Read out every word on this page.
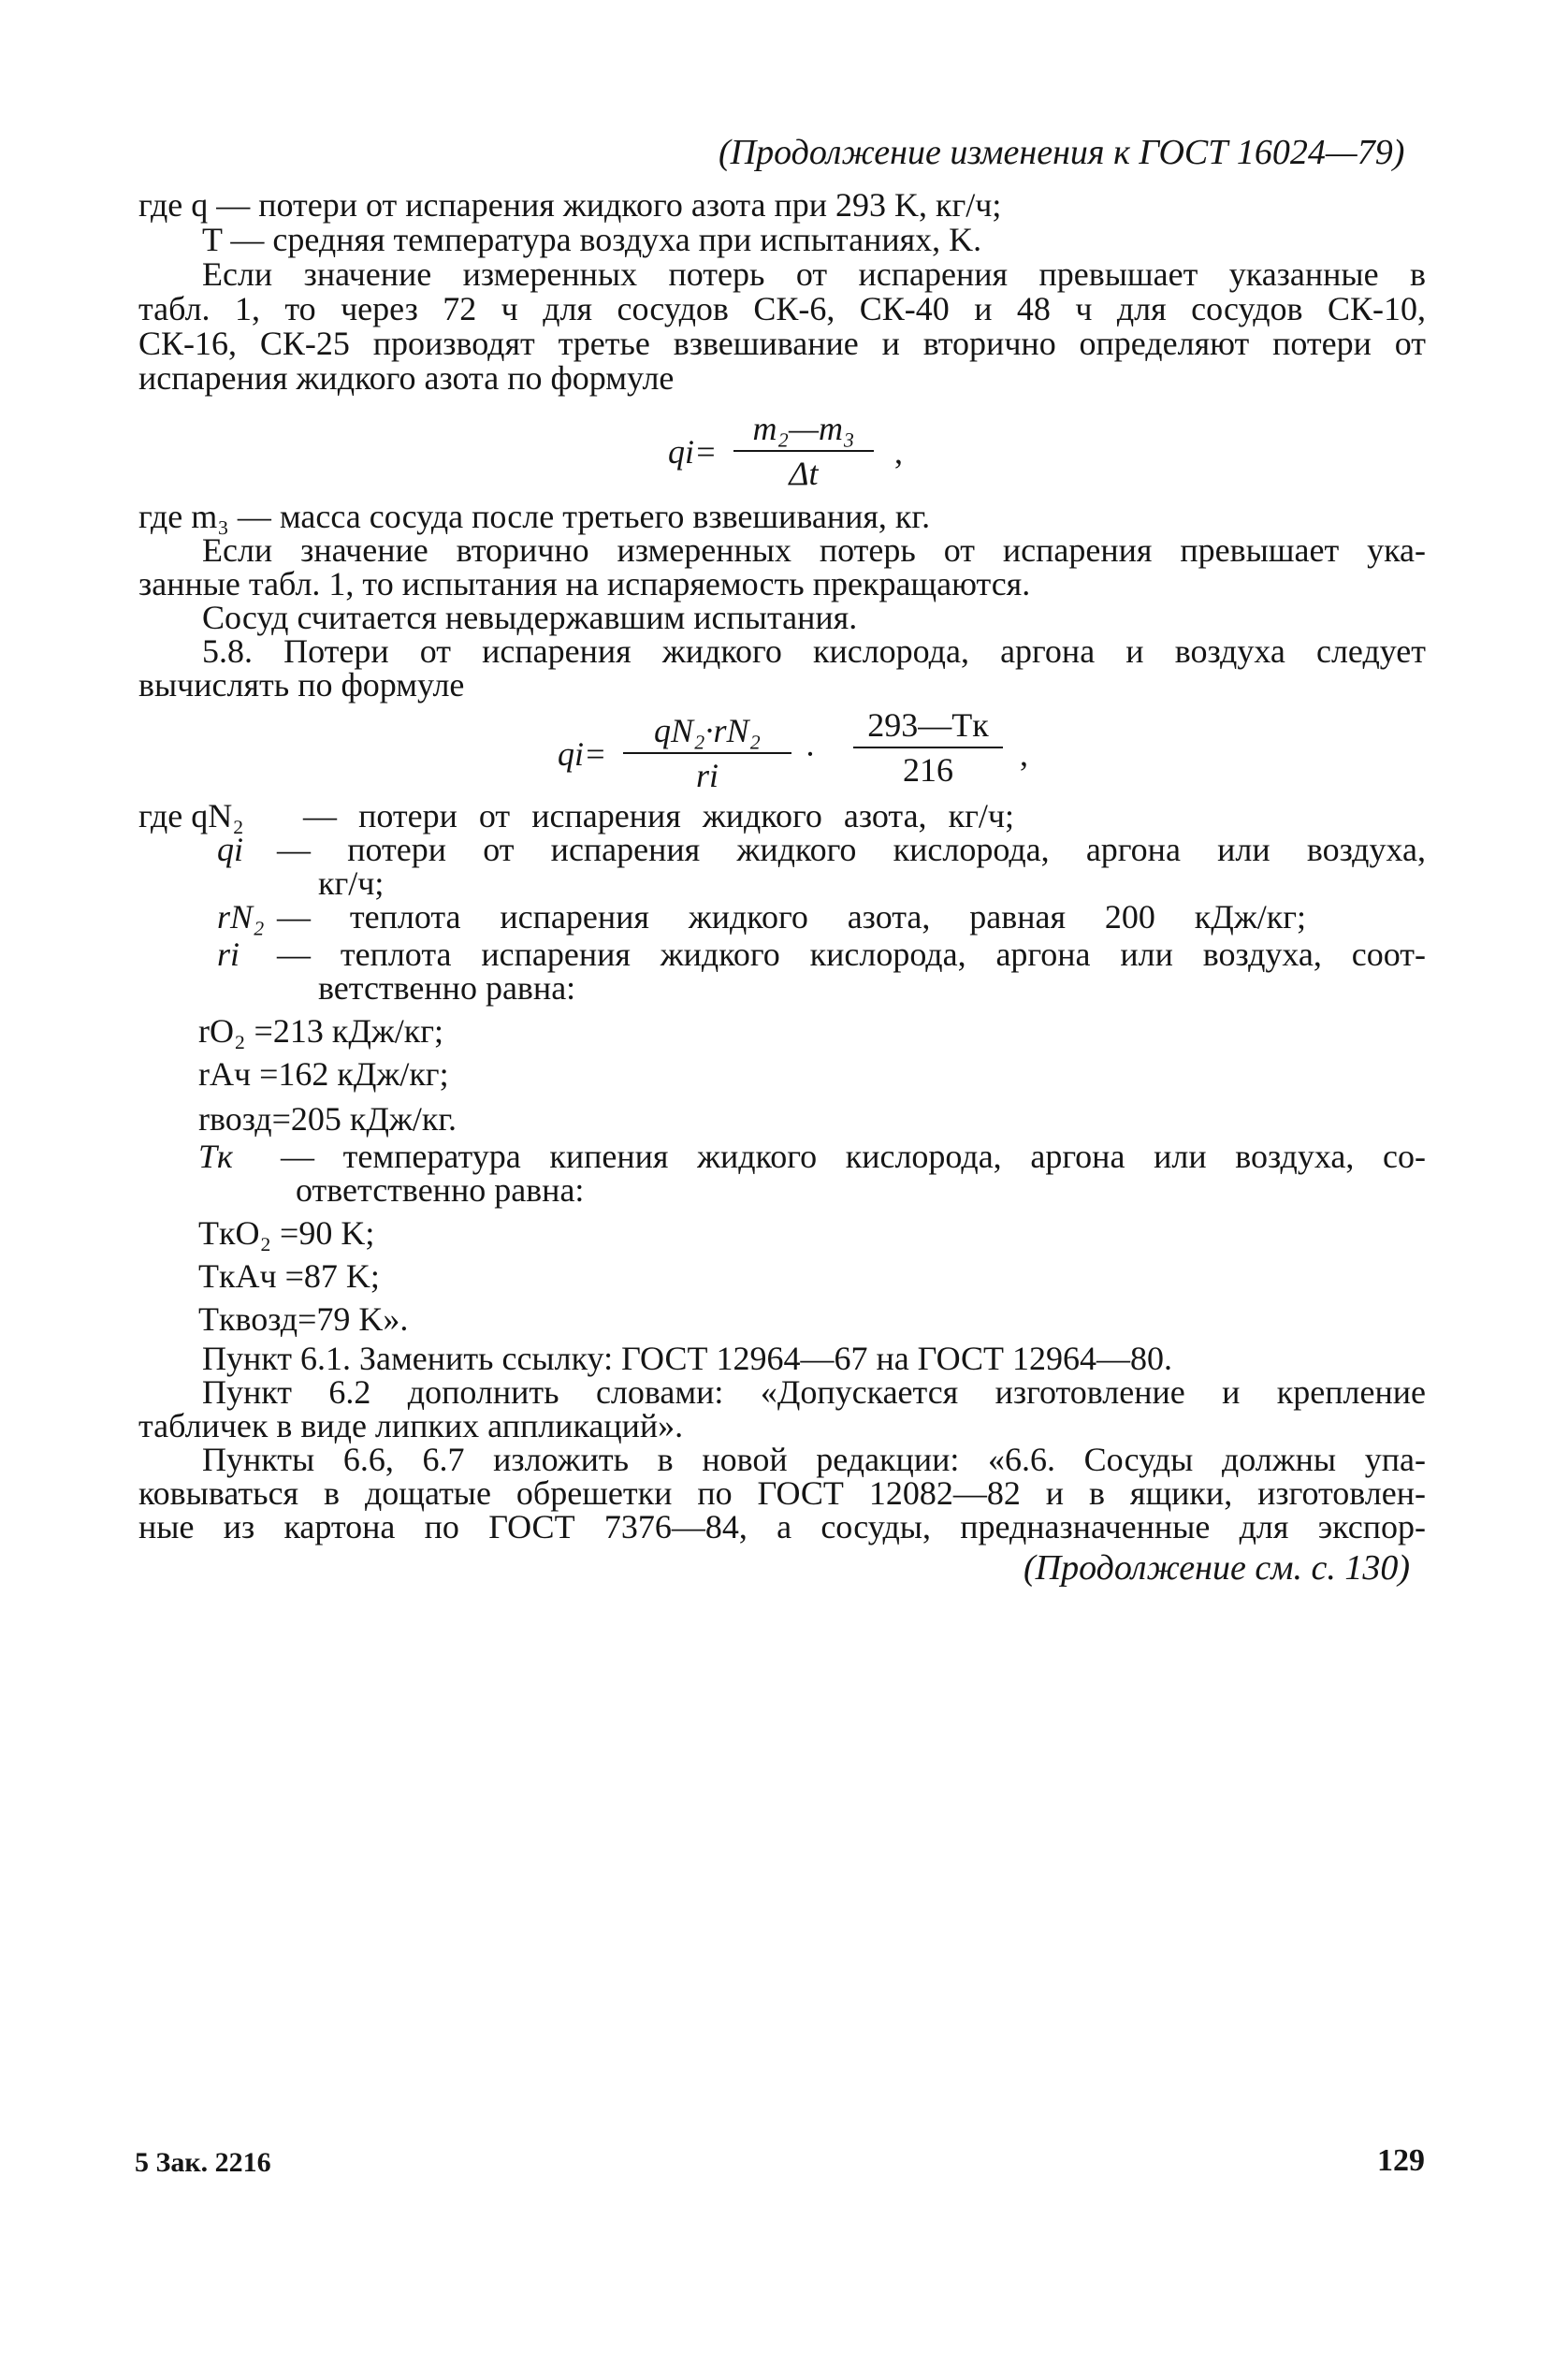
(Продолжение изменения к ГОСТ 16024—79)
где q — потери от испарения жидкого азота при 293 K, кг/ч;
T — средняя температура воздуха при испытаниях, K.
Если значение измеренных потерь от испарения превышает указанные в
табл. 1, то через 72 ч для сосудов СК-6, СК-40 и 48 ч для сосудов СК-10,
СК-16, СК-25 производят третье взвешивание и вторично определяют потери от
испарения жидкого азота по формуле
qi=
m₂—m₃
Δt
,
где m₃ — масса сосуда после третьего взвешивания, кг.
Если значение вторично измеренных потерь от испарения превышает ука-
занные табл. 1, то испытания на испаряемость прекращаются.
Сосуд считается невыдержавшим испытания.
5.8. Потери от испарения жидкого кислорода, аргона и воздуха следует
вычислять по формуле
qi=
qN₂·rN₂
ri
·
293—Tк
216	,
где qN₂ — потери от испарения жидкого азота, кг/ч;
qi — потери от испарения жидкого кислорода, аргона или воздуха,
кг/ч;
rN₂ — теплота испарения жидкого азота, равная 200 кДж/кг;
ri — теплота испарения жидкого кислорода, аргона или воздуха, соот-
ветственно равна:
rO₂ =213 кДж/кг;
rAч =162 кДж/кг;
rвозд=205 кДж/кг.
Tк — температура кипения жидкого кислорода, аргона или воздуха, со-
ответственно равна:
TкO₂ =90 K;
TкAч =87 K;
Tквозд=79 K».
Пункт 6.1. Заменить ссылку: ГОСТ 12964—67 на ГОСТ 12964—80.
Пункт 6.2 дополнить словами: «Допускается изготовление и крепление
табличек в виде липких аппликаций».
Пункты 6.6, 6.7 изложить в новой редакции: «6.6. Сосуды должны упа-
ковываться в дощатые обрешетки по ГОСТ 12082—82 и в ящики, изготовлен-
ные из картона по ГОСТ 7376—84, а сосуды, предназначенные для экспор-
(Продолжение см. с. 130)
5 Зак. 2216	129
